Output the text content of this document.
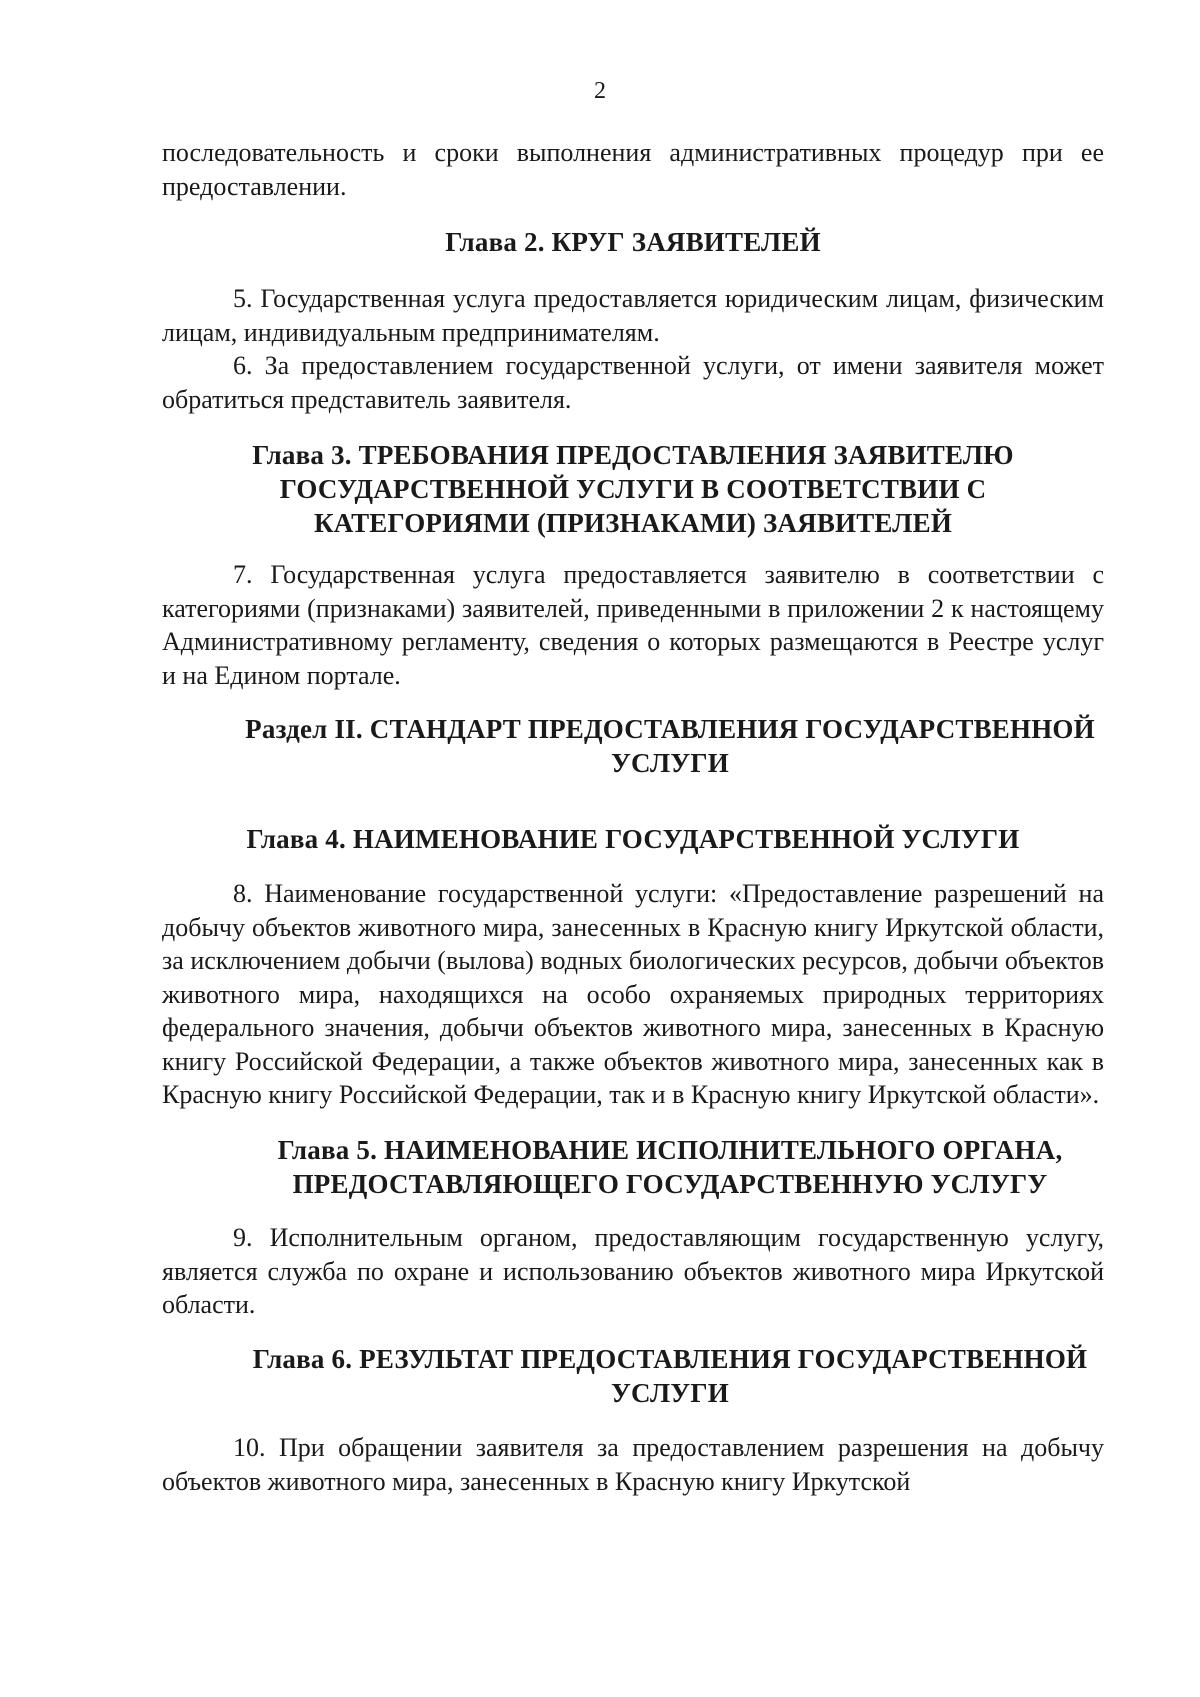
2

последовательность и сроки выполнения административных процедур при ее предоставлении.

Глава 2. КРУГ ЗАЯВИТЕЛЕЙ

5. Государственная услуга предоставляется юридическим лицам, физическим лицам, индивидуальным предпринимателям.

6. За предоставлением государственной услуги, от имени заявителя может обратиться представитель заявителя.

Глава 3. ТРЕБОВАНИЯ ПРЕДОСТАВЛЕНИЯ ЗАЯВИТЕЛЮ ГОСУДАРСТВЕННОЙ УСЛУГИ В СООТВЕТСТВИИ С КАТЕГОРИЯМИ (ПРИЗНАКАМИ) ЗАЯВИТЕЛЕЙ

7. Государственная услуга предоставляется заявителю в соответствии с категориями (признаками) заявителей, приведенными в приложении 2 к настоящему Административному регламенту, сведения о которых размещаются в Реестре услуг и на Едином портале.

Раздел II. СТАНДАРТ ПРЕДОСТАВЛЕНИЯ ГОСУДАРСТВЕННОЙ УСЛУГИ
Глава 4. НАИМЕНОВАНИЕ ГОСУДАРСТВЕННОЙ УСЛУГИ

8. Наименование государственной услуги: «Предоставление разрешений на добычу объектов животного мира, занесенных в Красную книгу Иркутской области, за исключением добычи (вылова) водных биологических ресурсов, добычи объектов животного мира, находящихся на особо охраняемых природных территориях федерального значения, добычи объектов животного мира, занесенных в Красную книгу Российской Федерации, а также объектов животного мира, занесенных как в Красную книгу Российской Федерации, так и в Красную книгу Иркутской области».

Глава 5. НАИМЕНОВАНИЕ ИСПОЛНИТЕЛЬНОГО ОРГАНА, ПРЕДОСТАВЛЯЮЩЕГО ГОСУДАРСТВЕННУЮ УСЛУГУ

9. Исполнительным органом, предоставляющим государственную услугу, является служба по охране и использованию объектов животного мира Иркутской области.

Глава 6. РЕЗУЛЬТАТ ПРЕДОСТАВЛЕНИЯ ГОСУДАРСТВЕННОЙ УСЛУГИ

10. При обращении заявителя за предоставлением разрешения на добычу объектов животного мира, занесенных в Красную книгу Иркутской
